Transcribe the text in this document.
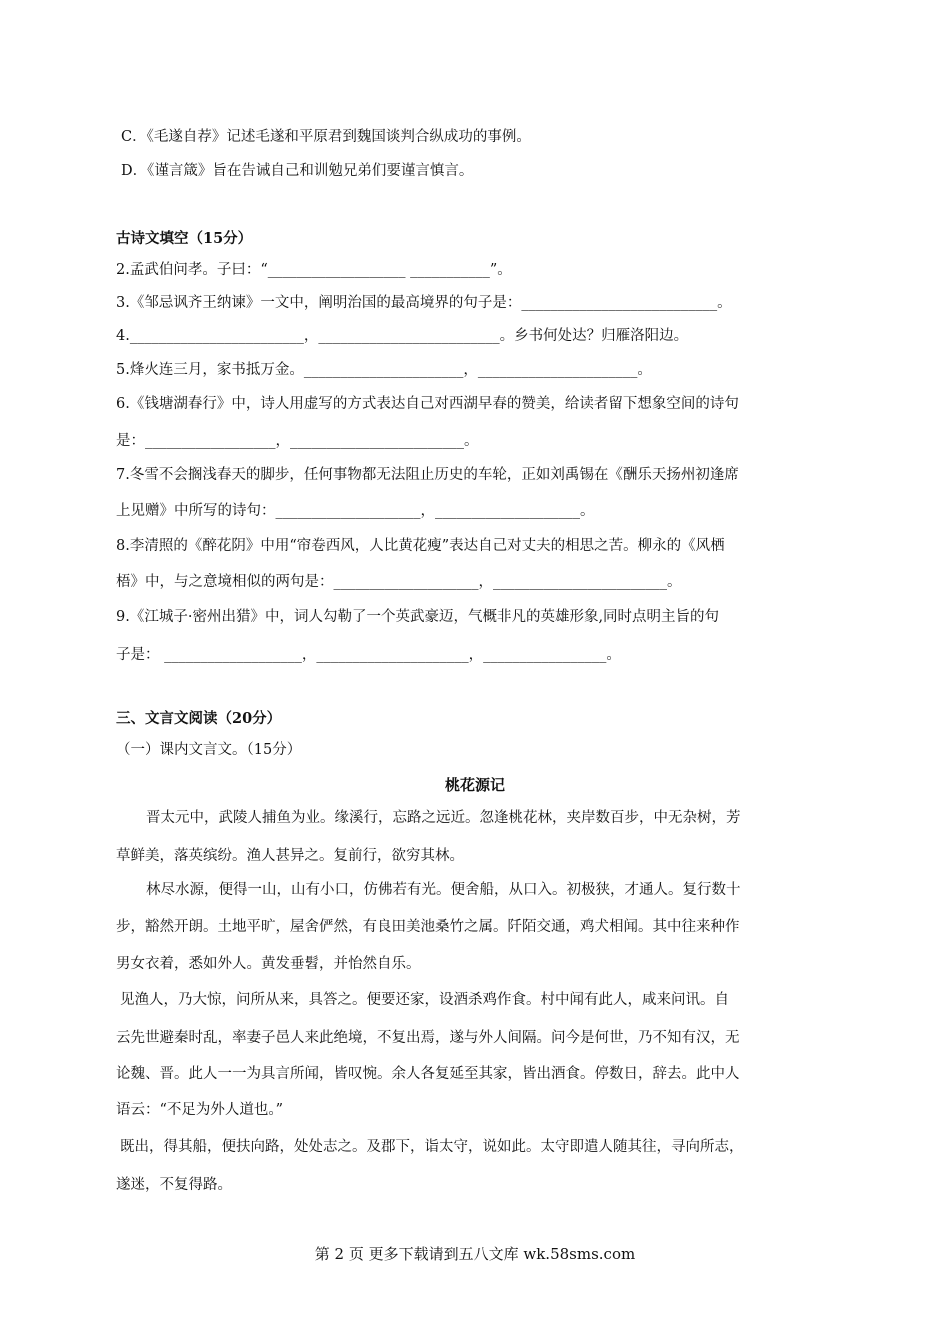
C．《毛遂自荐》记述毛遂和平原君到魏国谈判合纵成功的事例。
D．《谨言箴》旨在告诫自己和训勉兄弟们要谨言慎言。
古诗文填空（15分）
2.孟武伯问孝。子曰：“___________________ ___________”。
3.《邹忌讽齐王纳谏》一文中，阐明治国的最高境界的句子是：___________________________。
4.________________________，_________________________。乡书何处达？归雁洛阳边。
5.烽火连三月，家书抵万金。______________________，______________________。
6.《钱塘湖春行》中，诗人用虚写的方式表达自己对西湖早春的赞美，给读者留下想象空间的诗句
是：__________________，________________________。
7.冬雪不会搁浅春天的脚步，任何事物都无法阻止历史的车轮，正如刘禹锡在《酬乐天扬州初逢席
上见赠》中所写的诗句：____________________，____________________。
8.李清照的《醉花阴》中用“帘卷西风，人比黄花瘦”表达自己对丈夫的相思之苦。柳永的《风栖
梧》中，与之意境相似的两句是：____________________，________________________。
9.《江城子·密州出猎》中，词人勾勒了一个英武豪迈，气概非凡的英雄形象,同时点明主旨的句
子是： ___________________，_____________________，_________________。
三、文言文阅读（20分）
（一）课内文言文。（15分）
桃花源记
晋太元中，武陵人捕鱼为业。缘溪行，忘路之远近。忽逢桃花林，夹岸数百步，中无杂树，芳
草鲜美，落英缤纷。渔人甚异之。复前行，欲穷其林。
林尽水源，便得一山，山有小口，仿佛若有光。便舍船，从口入。初极狭，才通人。复行数十
步，豁然开朗。土地平旷，屋舍俨然，有良田美池桑竹之属。阡陌交通，鸡犬相闻。其中往来种作
男女衣着，悉如外人。黄发垂髫，并怡然自乐。
见渔人，乃大惊，问所从来，具答之。便要还家，设酒杀鸡作食。村中闻有此人，咸来问讯。自
云先世避秦时乱，率妻子邑人来此绝境，不复出焉，遂与外人间隔。问今是何世，乃不知有汉，无
论魏、晋。此人一一为具言所闻，皆叹惋。余人各复延至其家，皆出酒食。停数日，辞去。此中人
语云：“不足为外人道也。”
既出，得其船，便扶向路，处处志之。及郡下，诣太守，说如此。太守即遣人随其往，寻向所志，
遂迷，不复得路。
第 2 页 更多下载请到五八文库 wk.58sms.com
